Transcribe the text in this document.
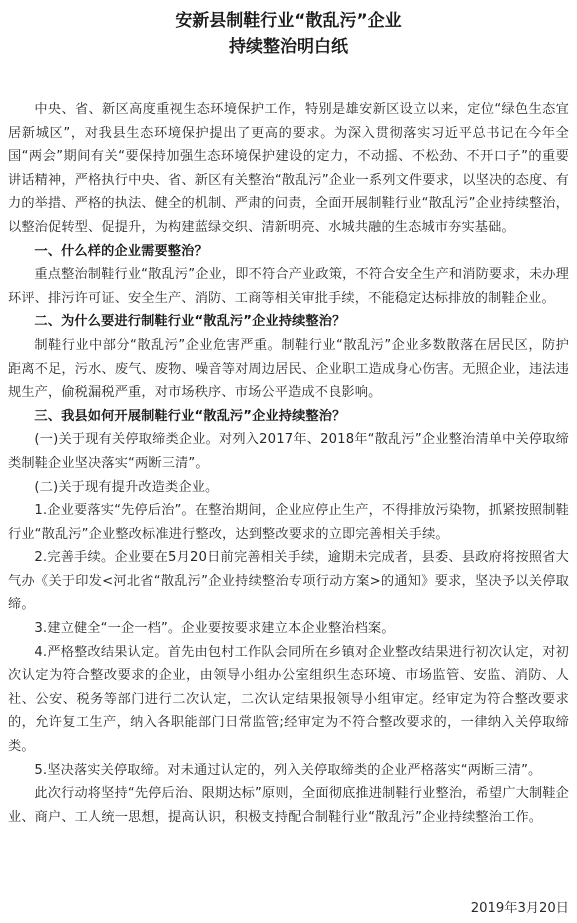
安新县制鞋行业“散乱污”企业
持续整治明白纸

中央、省、新区高度重视生态环境保护工作，特别是雄安新区设立以来，定位“绿色生态宜居新城区”，对我县生态环境保护提出了更高的要求。为深入贯彻落实习近平总书记在今年全国“两会”期间有关“要保持加强生态环境保护建设的定力，不动摇、不松劲、不开口子”的重要讲话精神，严格执行中央、省、新区有关整治“散乱污”企业一系列文件要求，以坚决的态度、有力的举措、严格的执法、健全的机制、严肃的问责，全面开展制鞋行业“散乱污”企业持续整治，以整治促转型、促提升，为构建蓝绿交织、清新明亮、水城共融的生态城市夯实基础。

一、什么样的企业需要整治？

重点整治制鞋行业“散乱污”企业，即不符合产业政策，不符合安全生产和消防要求，未办理环评、排污许可证、安全生产、消防、工商等相关审批手续，不能稳定达标排放的制鞋企业。

二、为什么要进行制鞋行业“散乱污”企业持续整治？

制鞋行业中部分“散乱污”企业危害严重。制鞋行业“散乱污”企业多数散落在居民区，防护距离不足，污水、废气、废物、噪音等对周边居民、企业职工造成身心伤害。无照企业，违法违规生产，偷税漏税严重，对市场秩序、市场公平造成不良影响。

三、我县如何开展制鞋行业“散乱污”企业持续整治？

(一)关于现有关停取缔类企业。对列入2017年、2018年“散乱污”企业整治清单中关停取缔类制鞋企业坚决落实“两断三清”。

(二)关于现有提升改造类企业。

1.企业要落实“先停后治”。在整治期间，企业应停止生产，不得排放污染物，抓紧按照制鞋行业“散乱污”企业整改标准进行整改，达到整改要求的立即完善相关手续。

2.完善手续。企业要在5月20日前完善相关手续，逾期未完成者，县委、县政府将按照省大气办《关于印发<河北省“散乱污”企业持续整治专项行动方案>的通知》要求，坚决予以关停取缔。

3.建立健全“一企一档”。企业要按要求建立本企业整治档案。

4.严格整改结果认定。首先由包村工作队会同所在乡镇对企业整改结果进行初次认定，对初次认定为符合整改要求的企业，由领导小组办公室组织生态环境、市场监管、安监、消防、人社、公安、税务等部门进行二次认定，二次认定结果报领导小组审定。经审定为符合整改要求的，允许复工生产，纳入各职能部门日常监管;经审定为不符合整改要求的，一律纳入关停取缔类。

5.坚决落实关停取缔。对未通过认定的，列入关停取缔类的企业严格落实“两断三清”。

此次行动将坚持“先停后治、限期达标”原则，全面彻底推进制鞋行业整治，希望广大制鞋企业、商户、工人统一思想，提高认识，积极支持配合制鞋行业“散乱污”企业持续整治工作。

2019年3月20日
